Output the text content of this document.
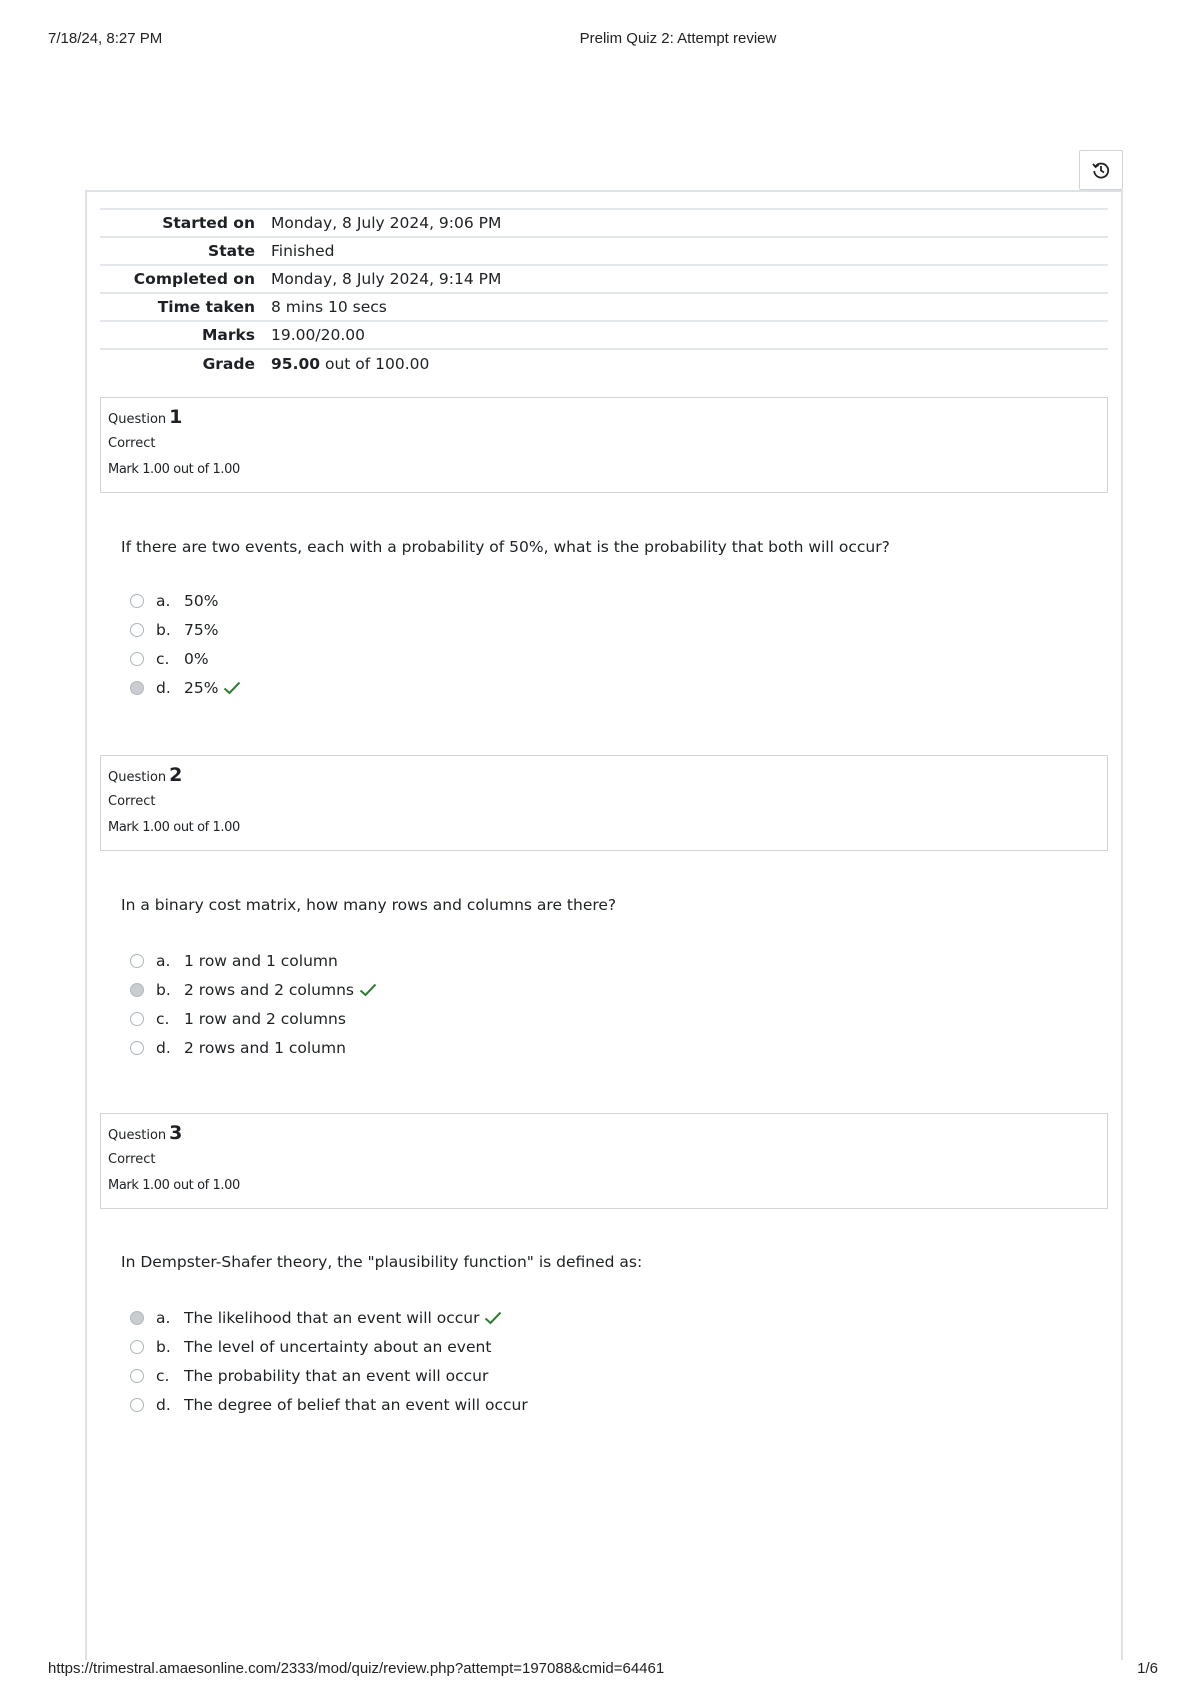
7/18/24, 8:27 PM	Prelim Quiz 2: Attempt review
Started on	Monday, 8 July 2024, 9:06 PM
State	Finished
Completed on	Monday, 8 July 2024, 9:14 PM
Time taken	8 mins 10 secs
Marks	19.00/20.00
Grade	95.00 out of 100.00
Question 1
Correct
Mark 1.00 out of 1.00
If there are two events, each with a probability of 50%, what is the probability that both will occur?
a. 50%
b. 75%
c. 0%
d. 25%
Question 2
Correct
Mark 1.00 out of 1.00
In a binary cost matrix, how many rows and columns are there?
a. 1 row and 1 column
b. 2 rows and 2 columns
c. 1 row and 2 columns
d. 2 rows and 1 column
Question 3
Correct
Mark 1.00 out of 1.00
In Dempster-Shafer theory, the "plausibility function" is defined as:
a. The likelihood that an event will occur
b. The level of uncertainty about an event
c. The probability that an event will occur
d. The degree of belief that an event will occur
https://trimestral.amaesonline.com/2333/mod/quiz/review.php?attempt=197088&cmid=64461	1/6
